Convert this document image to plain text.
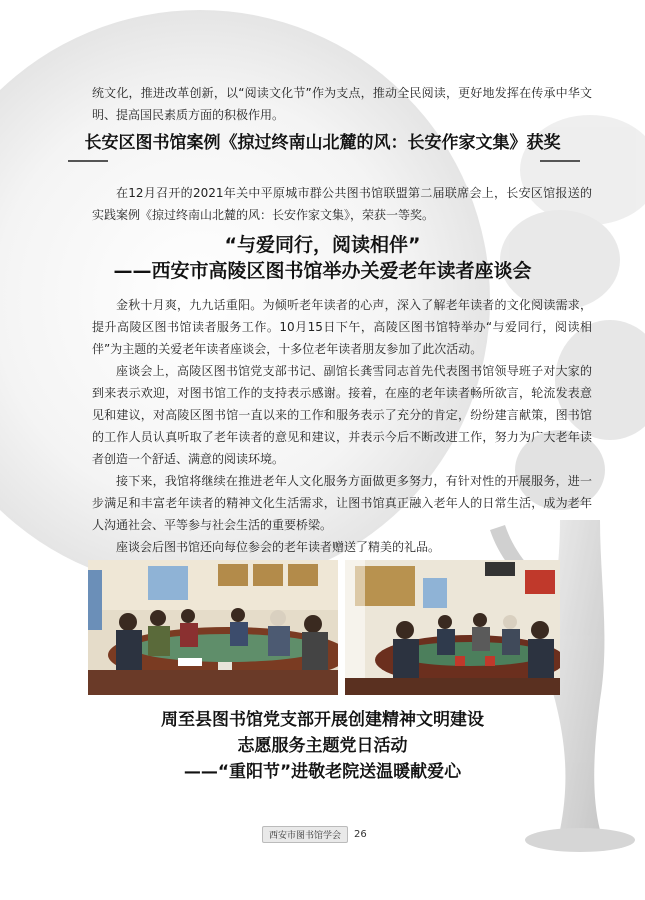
统文化，推进改革创新，以“阅读文化节”作为支点，推动全民阅读，更好地发挥在传承中华文明、提高国民素质方面的积极作用。

长安区图书馆案例《掠过终南山北麓的风：长安作家文集》获奖

在12月召开的2021年关中平原城市群公共图书馆联盟第二届联席会上，长安区馆报送的实践案例《掠过终南山北麓的风：长安作家文集》，荣获一等奖。

“与爱同行，阅读相伴”
——西安市高陵区图书馆举办关爱老年读者座谈会

金秋十月爽，九九话重阳。为倾听老年读者的心声，深入了解老年读者的文化阅读需求，提升高陵区图书馆读者服务工作。10月15日下午，高陵区图书馆特举办“与爱同行，阅读相伴”为主题的关爱老年读者座谈会，十多位老年读者朋友参加了此次活动。

座谈会上，高陵区图书馆党支部书记、副馆长龚雪同志首先代表图书馆领导班子对大家的到来表示欢迎，对图书馆工作的支持表示感谢。接着，在座的老年读者畅所欲言，轮流发表意见和建议，对高陵区图书馆一直以来的工作和服务表示了充分的肯定，纷纷建言献策，图书馆的工作人员认真听取了老年读者的意见和建议，并表示今后不断改进工作，努力为广大老年读者创造一个舒适、满意的阅读环境。

接下来，我馆将继续在推进老年人文化服务方面做更多努力，有针对性的开展服务，进一步满足和丰富老年读者的精神文化生活需求，让图书馆真正融入老年人的日常生活，成为老年人沟通社会、平等参与社会生活的重要桥梁。

座谈会后图书馆还向每位参会的老年读者赠送了精美的礼品。

周至县图书馆党支部开展创建精神文明建设
志愿服务主题党日活动
——“重阳节”进敬老院送温暖献爱心
西安市图书馆学会	26
